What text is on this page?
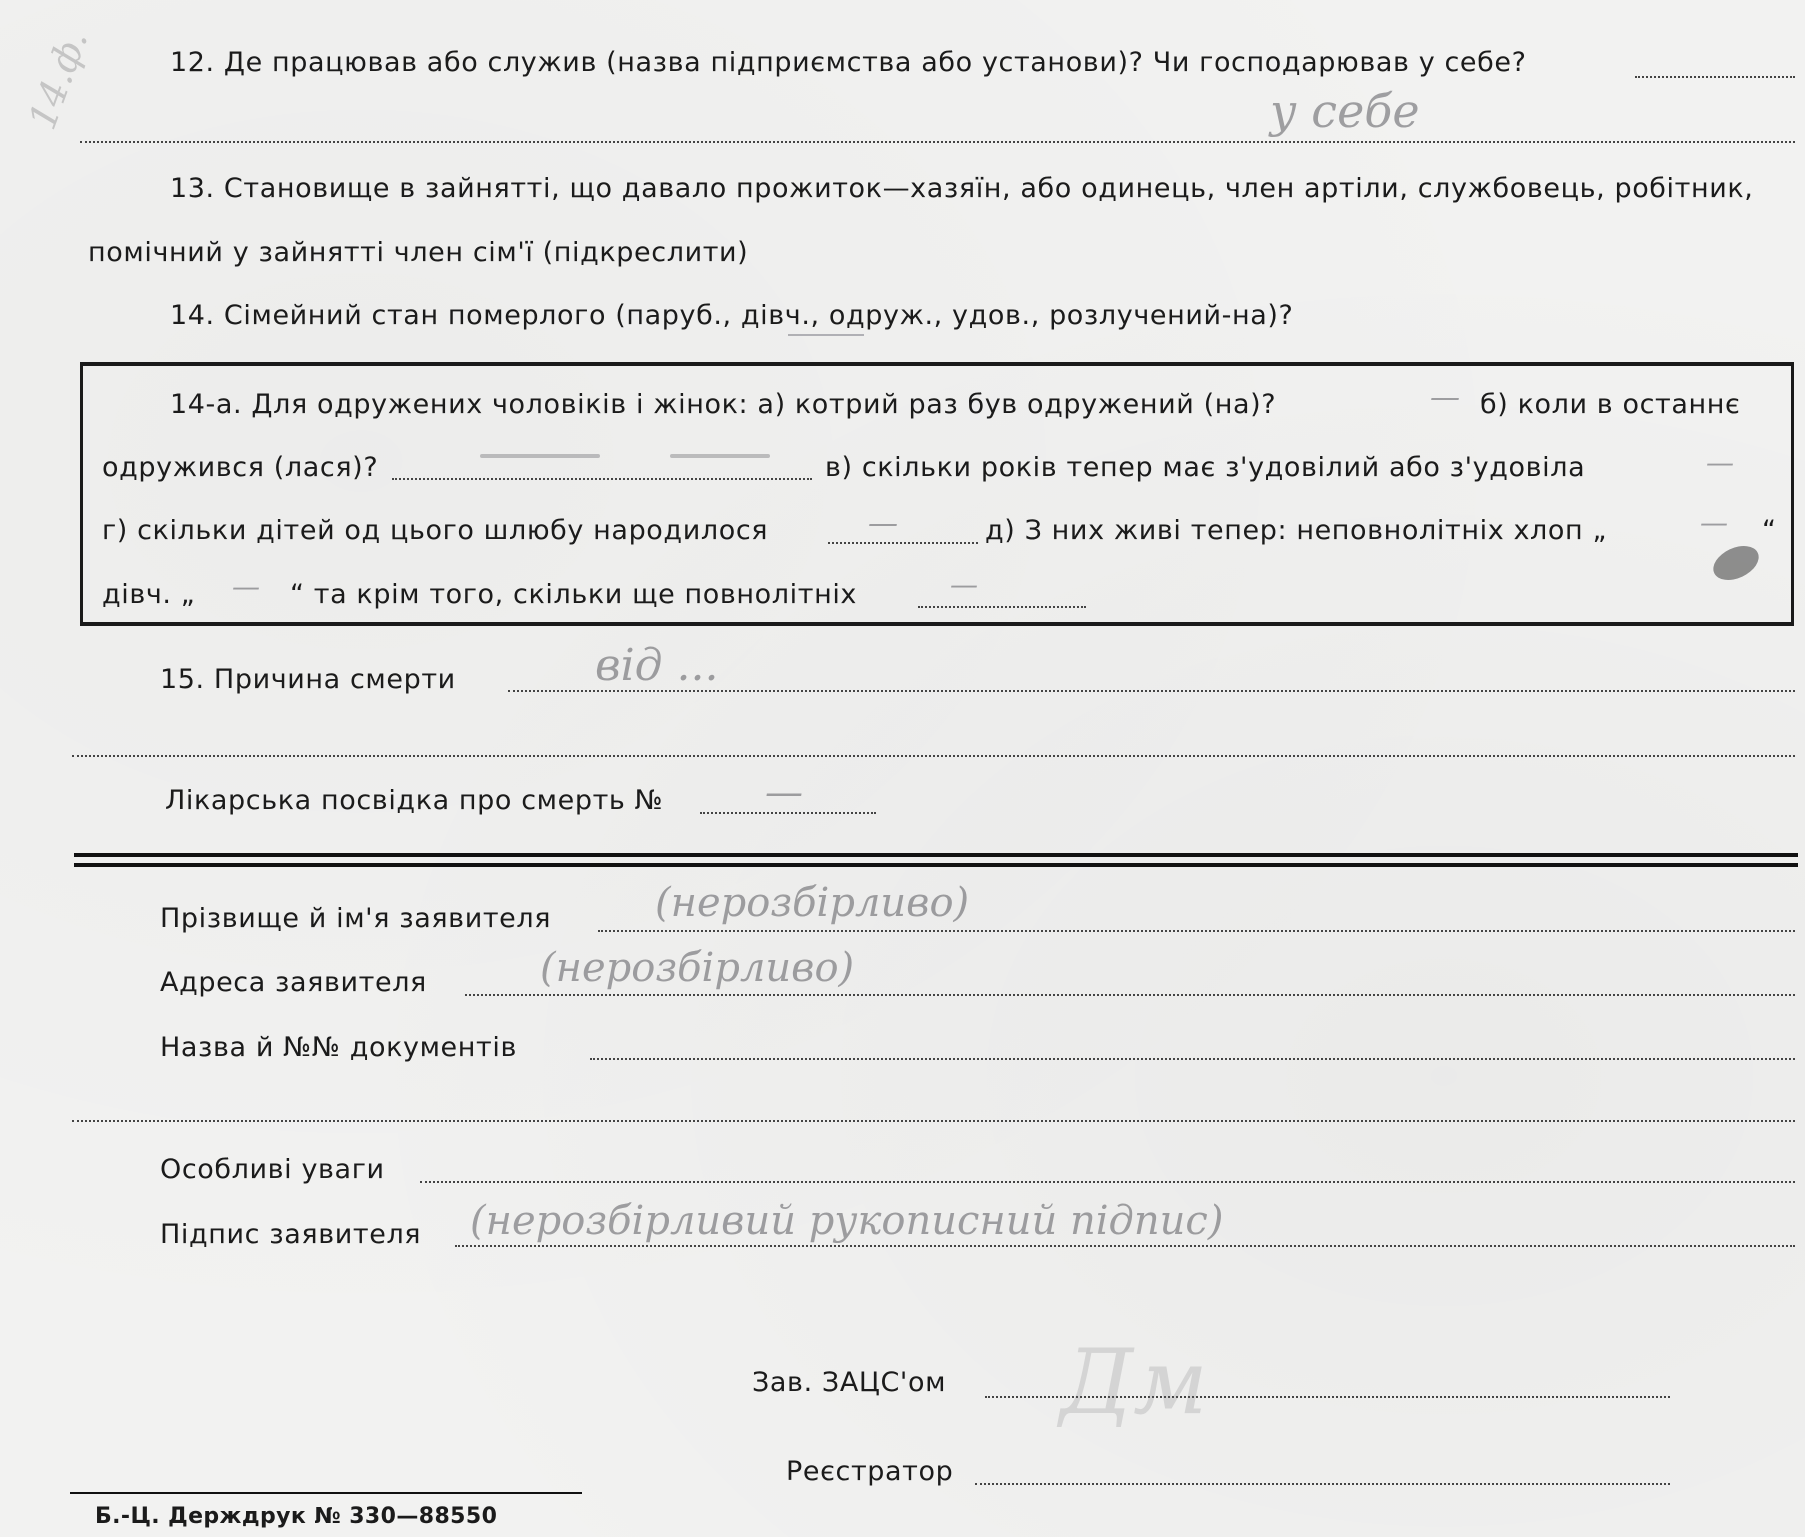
12. Де працював або служив (назва підприємства або установи)? Чи господарював у себе?
у себе
14.ф.
13. Становище в зайнятті, що давало прожиток—хазяїн, або одинець, член артіли, службовець, робітник,
помічний у зайнятті член сім'ї (підкреслити)
14. Сімейний стан померлого (паруб., дівч., одруж., удов., розлучений-на)?
14-а. Для одружених чоловіків і жінок: а) котрий раз був одружений (на)?	б) коли в останнє
—
одружився (лася)?	в) скільки років тепер має з'удовілий або з'удовіла	—
г) скільки дітей од цього шлюбу народилося	—	д) З них живі тепер: неповнолітніх хлоп „	— “
дівч. „ — “ та крім того, скільки ще повнолітніх	—
15. Причина смерти	від ...
Лікарська посвідка про смерть №	—
Прізвище й ім'я заявителя	(нерозбірливо)
Адреса заявителя	(нерозбірливо)
Назва й №№ документів
Особливі уваги
Підпис заявителя (нерозбірливий рукописний підпис)
Зав. ЗАЦС'ом Дм
Реєстратор
Б.-Ц. Держдрук № 330—88550
